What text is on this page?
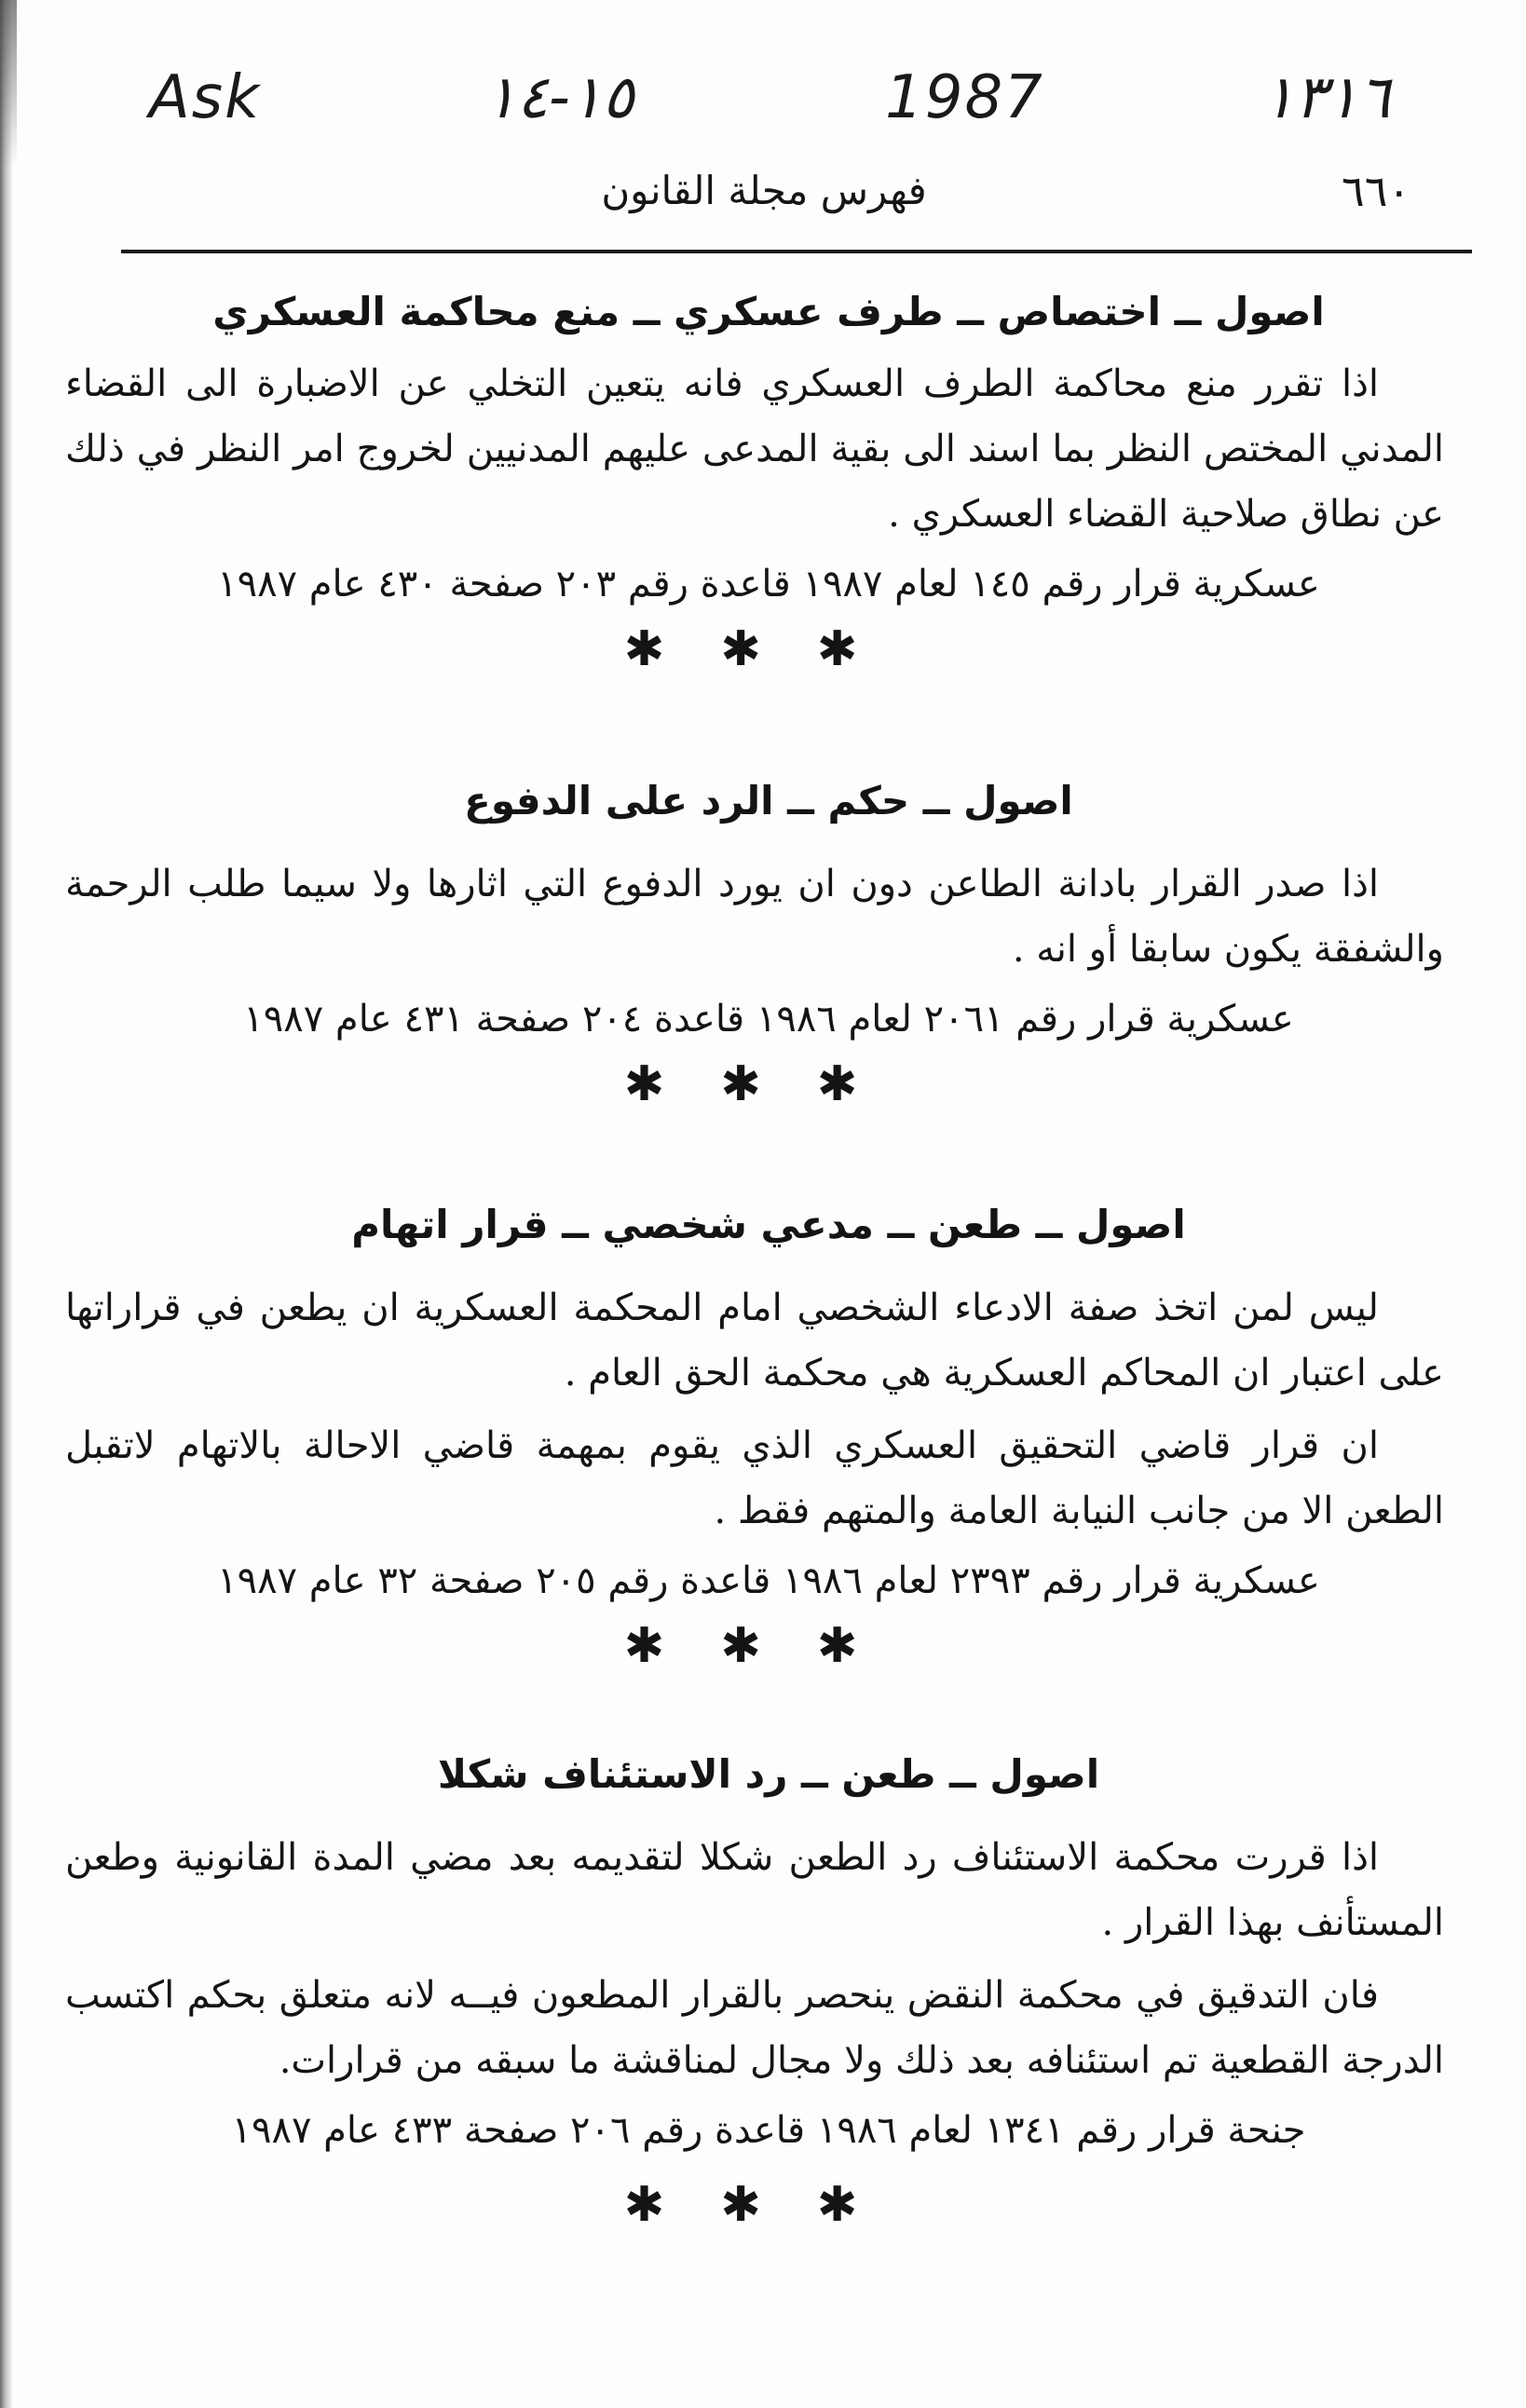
Ask	١٥-١٤	1987	١٣١٦
فهرس مجلة القانون	٦٦٠
اصول ــ اختصاص ــ طرف عسكري ــ منع محاكمة العسكري

اذا تقرر منع محاكمة الطرف العسكري فانه يتعين التخلي عن الاضبارة الى القضاء المدني المختص النظر بما اسند الى بقية المدعى عليهم المدنيين لخروج امر النظر في ذلك عن نطاق صلاحية القضاء العسكري .

عسكرية قرار رقم ١٤٥ لعام ١٩٨٧ قاعدة رقم ٢٠٣ صفحة ٤٣٠ عام ١٩٨٧

✱✱✱

اصول ــ حكم ــ الرد على الدفوع

اذا صدر القرار بادانة الطاعن دون ان يورد الدفوع التي اثارها ولا سيما طلب الرحمة والشفقة يكون سابقا أو انه .

عسكرية قرار رقم ٢٠٦١ لعام ١٩٨٦ قاعدة ٢٠٤ صفحة ٤٣١ عام ١٩٨٧

✱✱✱

اصول ــ طعن ــ مدعي شخصي ــ قرار اتهام

ليس لمن اتخذ صفة الادعاء الشخصي امام المحكمة العسكرية ان يطعن في قراراتها على اعتبار ان المحاكم العسكرية هي محكمة الحق العام .

ان قرار قاضي التحقيق العسكري الذي يقوم بمهمة قاضي الاحالة بالاتهام لاتقبل الطعن الا من جانب النيابة العامة والمتهم فقط .

عسكرية قرار رقم ٢٣٩٣ لعام ١٩٨٦ قاعدة رقم ٢٠٥ صفحة ٣٢ عام ١٩٨٧

✱✱✱

اصول ــ طعن ــ رد الاستئناف شكلا

اذا قررت محكمة الاستئناف رد الطعن شكلا لتقديمه بعد مضي المدة القانونية وطعن المستأنف بهذا القرار .

فان التدقيق في محكمة النقض ينحصر بالقرار المطعون فيــه لانه متعلق بحكم اكتسب الدرجة القطعية تم استئنافه بعد ذلك ولا مجال لمناقشة ما سبقه من قرارات.

جنحة قرار رقم ١٣٤١ لعام ١٩٨٦ قاعدة رقم ٢٠٦ صفحة ٤٣٣ عام ١٩٨٧

✱✱✱
